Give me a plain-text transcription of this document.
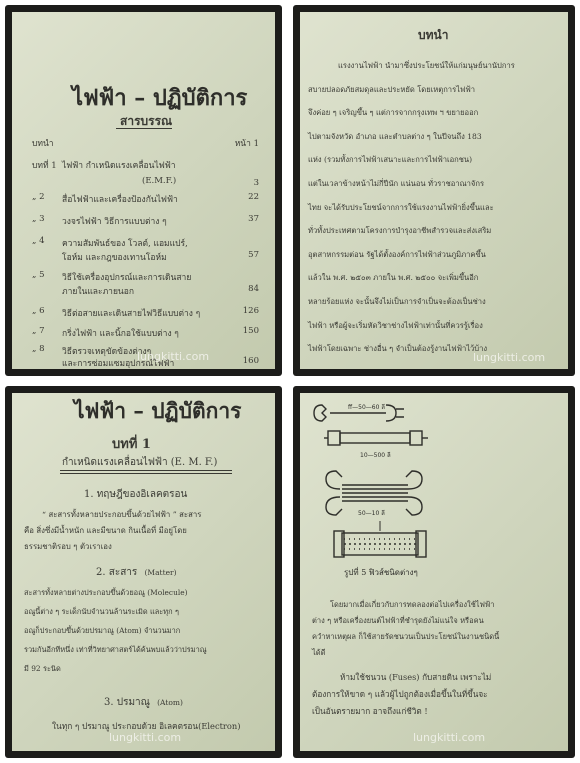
ไฟฟ้า – ปฏิบัติการ
สารบรรณ
บทนำ	หน้า 1
บทที่ 1 ไฟฟ้า กำเหนิดแรงเคลื่อนไฟฟ้า
(E.M.F.)	3
„ 2 สื่อไฟฟ้าและเครื่องป้องกันไฟฟ้า	22
„ 3 วงจรไฟฟ้า วิธีการแบบต่าง ๆ	37
„ 4 ความสัมพันธ์ของ โวลต์, แอมแปร์,
โอห์ม และกฎของเทานโอห์ม	57
„ 5 วิธีใช้เครื่องอุปกรณ์และการเดินสาย
ภายในและภายนอก	84
„ 6 วิธีต่อสายและเดินสายไฟวิธีแบบต่าง ๆ	126
„ 7 กริ่งไฟฟ้า และนิ้กอใช้แบบต่าง ๆ	150
„ 8 วิธีตรวจเหตุขัดข้องต่างๆ
และการซ่อมแซมอุปกรณ์ไฟฟ้า	160
lungkitti.com
บทนำ
แรงงานไฟฟ้า นำมาซึ่งประโยชน์ให้แก่มนุษย์นานัปการ
สบายปลอดภัยสมดุลและประหยัด โดยเหตุการไฟฟ้า
จึงค่อย ๆ เจริญขึ้น ๆ แต่การจากกรุงเทพ ฯ ขยายออก
ไปตามจังหวัด อำเภอ และตำบลต่าง ๆ ในปีจนถึง 183
แห่ง (รวมทั้งการไฟฟ้าเสนาะและการไฟฟ้าเอกชน)
แต่ในเวลาข้างหน้าไม่กี่ปีนัก แน่นอน ทั่วราชอาณาจักร
ไทย จะได้รับประโยชน์จากการใช้แรงงานไฟฟ้ายิ่งขึ้นและ
ทั่วทั้งประเทศตามโครงการบำรุงอาชีพสำรวจและส่งเสริม
อุตสาหกรรมต่อน รัฐได้ตั้งองค์การไฟฟ้าส่วนภูมิภาคขึ้น
แล้วใน พ.ศ. ๒๕๐๓ ภายใน พ.ศ. ๒๕๐๐ จะเพิ่มขึ้นอีก
หลายร้อยแห่ง จะนั้นจึงไม่เป็นการจำเป็นจะต้องเป็นช่าง
ไฟฟ้า หรือผู้จะเริ่มหัดวิชาช่างไฟฟ้าเท่านั้นที่ควรรู้เรื่อง
ไฟฟ้าโดยเฉพาะ ช่างอื่น ๆ จำเป็นต้องรู้งานไฟฟ้าไว้บ้าง
lungkitti.com
ไฟฟ้า – ปฏิบัติการ
บทที่ 1
กำเหนิดแรงเคลื่อนไฟฟ้า (E. M. F.)
1. ทฤษฎีของอิเลคตรอน
“ สะสารทั้งหลายประกอบขึ้นด้วยไฟฟ้า ” สะสาร
คือ สิ่งซึ่งมีน้ำหนัก และมีขนาด กินเนื้อที่ มีอยู่โดย
ธรรมชาติรอบ ๆ ตัวเราเอง
2. สะสาร (Matter)
สะสารทั้งหลายต่างประกอบขึ้นด้วยอณู (Molecule)
อณูนี้ต่าง ๆ ระเด็กนับจำนวนล้านระเมิด และทุก ๆ
อณูก็ประกอบขึ้นด้วยปรมาณู (Atom) จำนวนมาก
รวมกันอีกทีหนึ่ง เท่าที่วิทยาศาสตร์ได้ค้นพบแล้วว่าปรมาณู
มี 92 ระนิด
3. ปรมาณู (Atom)
ในทุก ๆ ปรมาณู ประกอบด้วย อิเลคตรอน(Electron)
lungkitti.com
ff—50—60 ลี
10—500 ลี
50—10 ลี
รูปที่ 5 ฟิวส์ชนิดต่างๆ
โดยมากเมื่อเกี่ยวกับการทดลองต่อไปเครื่องใช้ไฟฟ้า
ต่าง ๆ หรือเครื่องยนต์ไฟฟ้าที่ชำรุดยังไม่แน่ใจ หรือคน
ควำหาเหตุผล ก็ใช้สายรัดชนวนเป็นประโยชน์ในงานชนิดนี้
ได้ดี
ห้ามใช้ชนวน (Fuses) กับสายดิน เพราะไม่
ต้องการให้ขาด ๆ แล้วผู้ไปถูกต้องเมื่อขึ้นในที่ขึ้นจะ
เป็นอันตรายมาก อาจถึงแก่ชีวิต !
lungkitti.com
